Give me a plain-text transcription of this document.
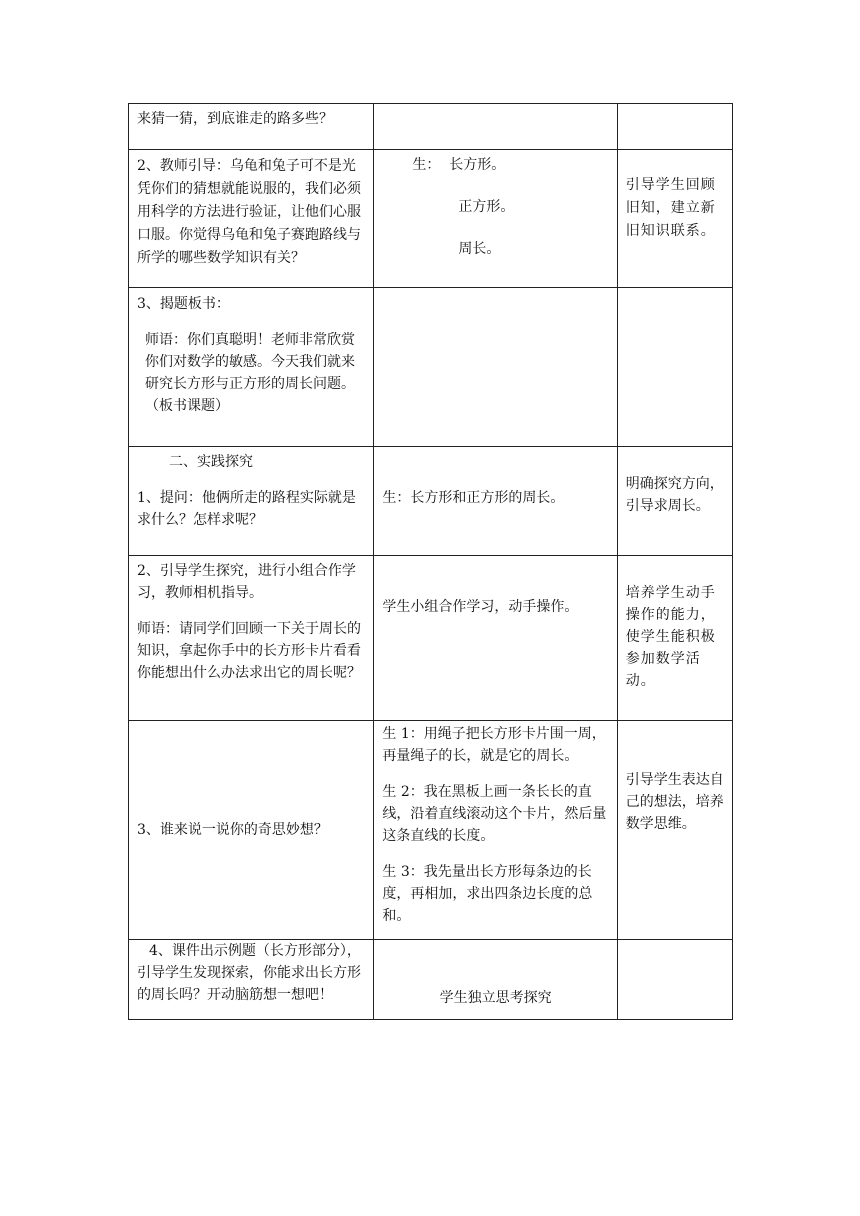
来猜一猜，到底谁走的路多些？		

2、教师引导：乌龟和兔子可不是光凭你们的猜想就能说服的，我们必须用科学的方法进行验证，让他们心服口服。你觉得乌龟和兔子赛跑路线与所学的哪些数学知识有关？	生：  长方形。

正方形。

周长。	引导学生回顾旧知，建立新旧知识联系。

3、揭题板书：

师语：你们真聪明！老师非常欣赏你们对数学的敏感。今天我们就来研究长方形与正方形的周长问题。（板书课题）		

二、实践探究

1、提问：他俩所走的路程实际就是求什么？怎样求呢？	生：长方形和正方形的周长。	明确探究方向，引导求周长。

2、引导学生探究，进行小组合作学习，教师相机指导。

师语：请同学们回顾一下关于周长的知识，拿起你手中的长方形卡片看看你能想出什么办法求出它的周长呢？	学生小组合作学习，动手操作。	培养学生动手操作的能力，使学生能积极参加数学活动。

3、谁来说一说你的奇思妙想？	生 1：用绳子把长方形卡片围一周，再量绳子的长，就是它的周长。

生 2：我在黑板上画一条长长的直线，沿着直线滚动这个卡片，然后量这条直线的长度。

生 3：我先量出长方形每条边的长度，再相加，求出四条边长度的总和。	引导学生表达自己的想法，培养数学思维。

4、课件出示例题（长方形部分），引导学生发现探索，你能求出长方形的周长吗？开动脑筋想一想吧！	学生独立思考探究	
